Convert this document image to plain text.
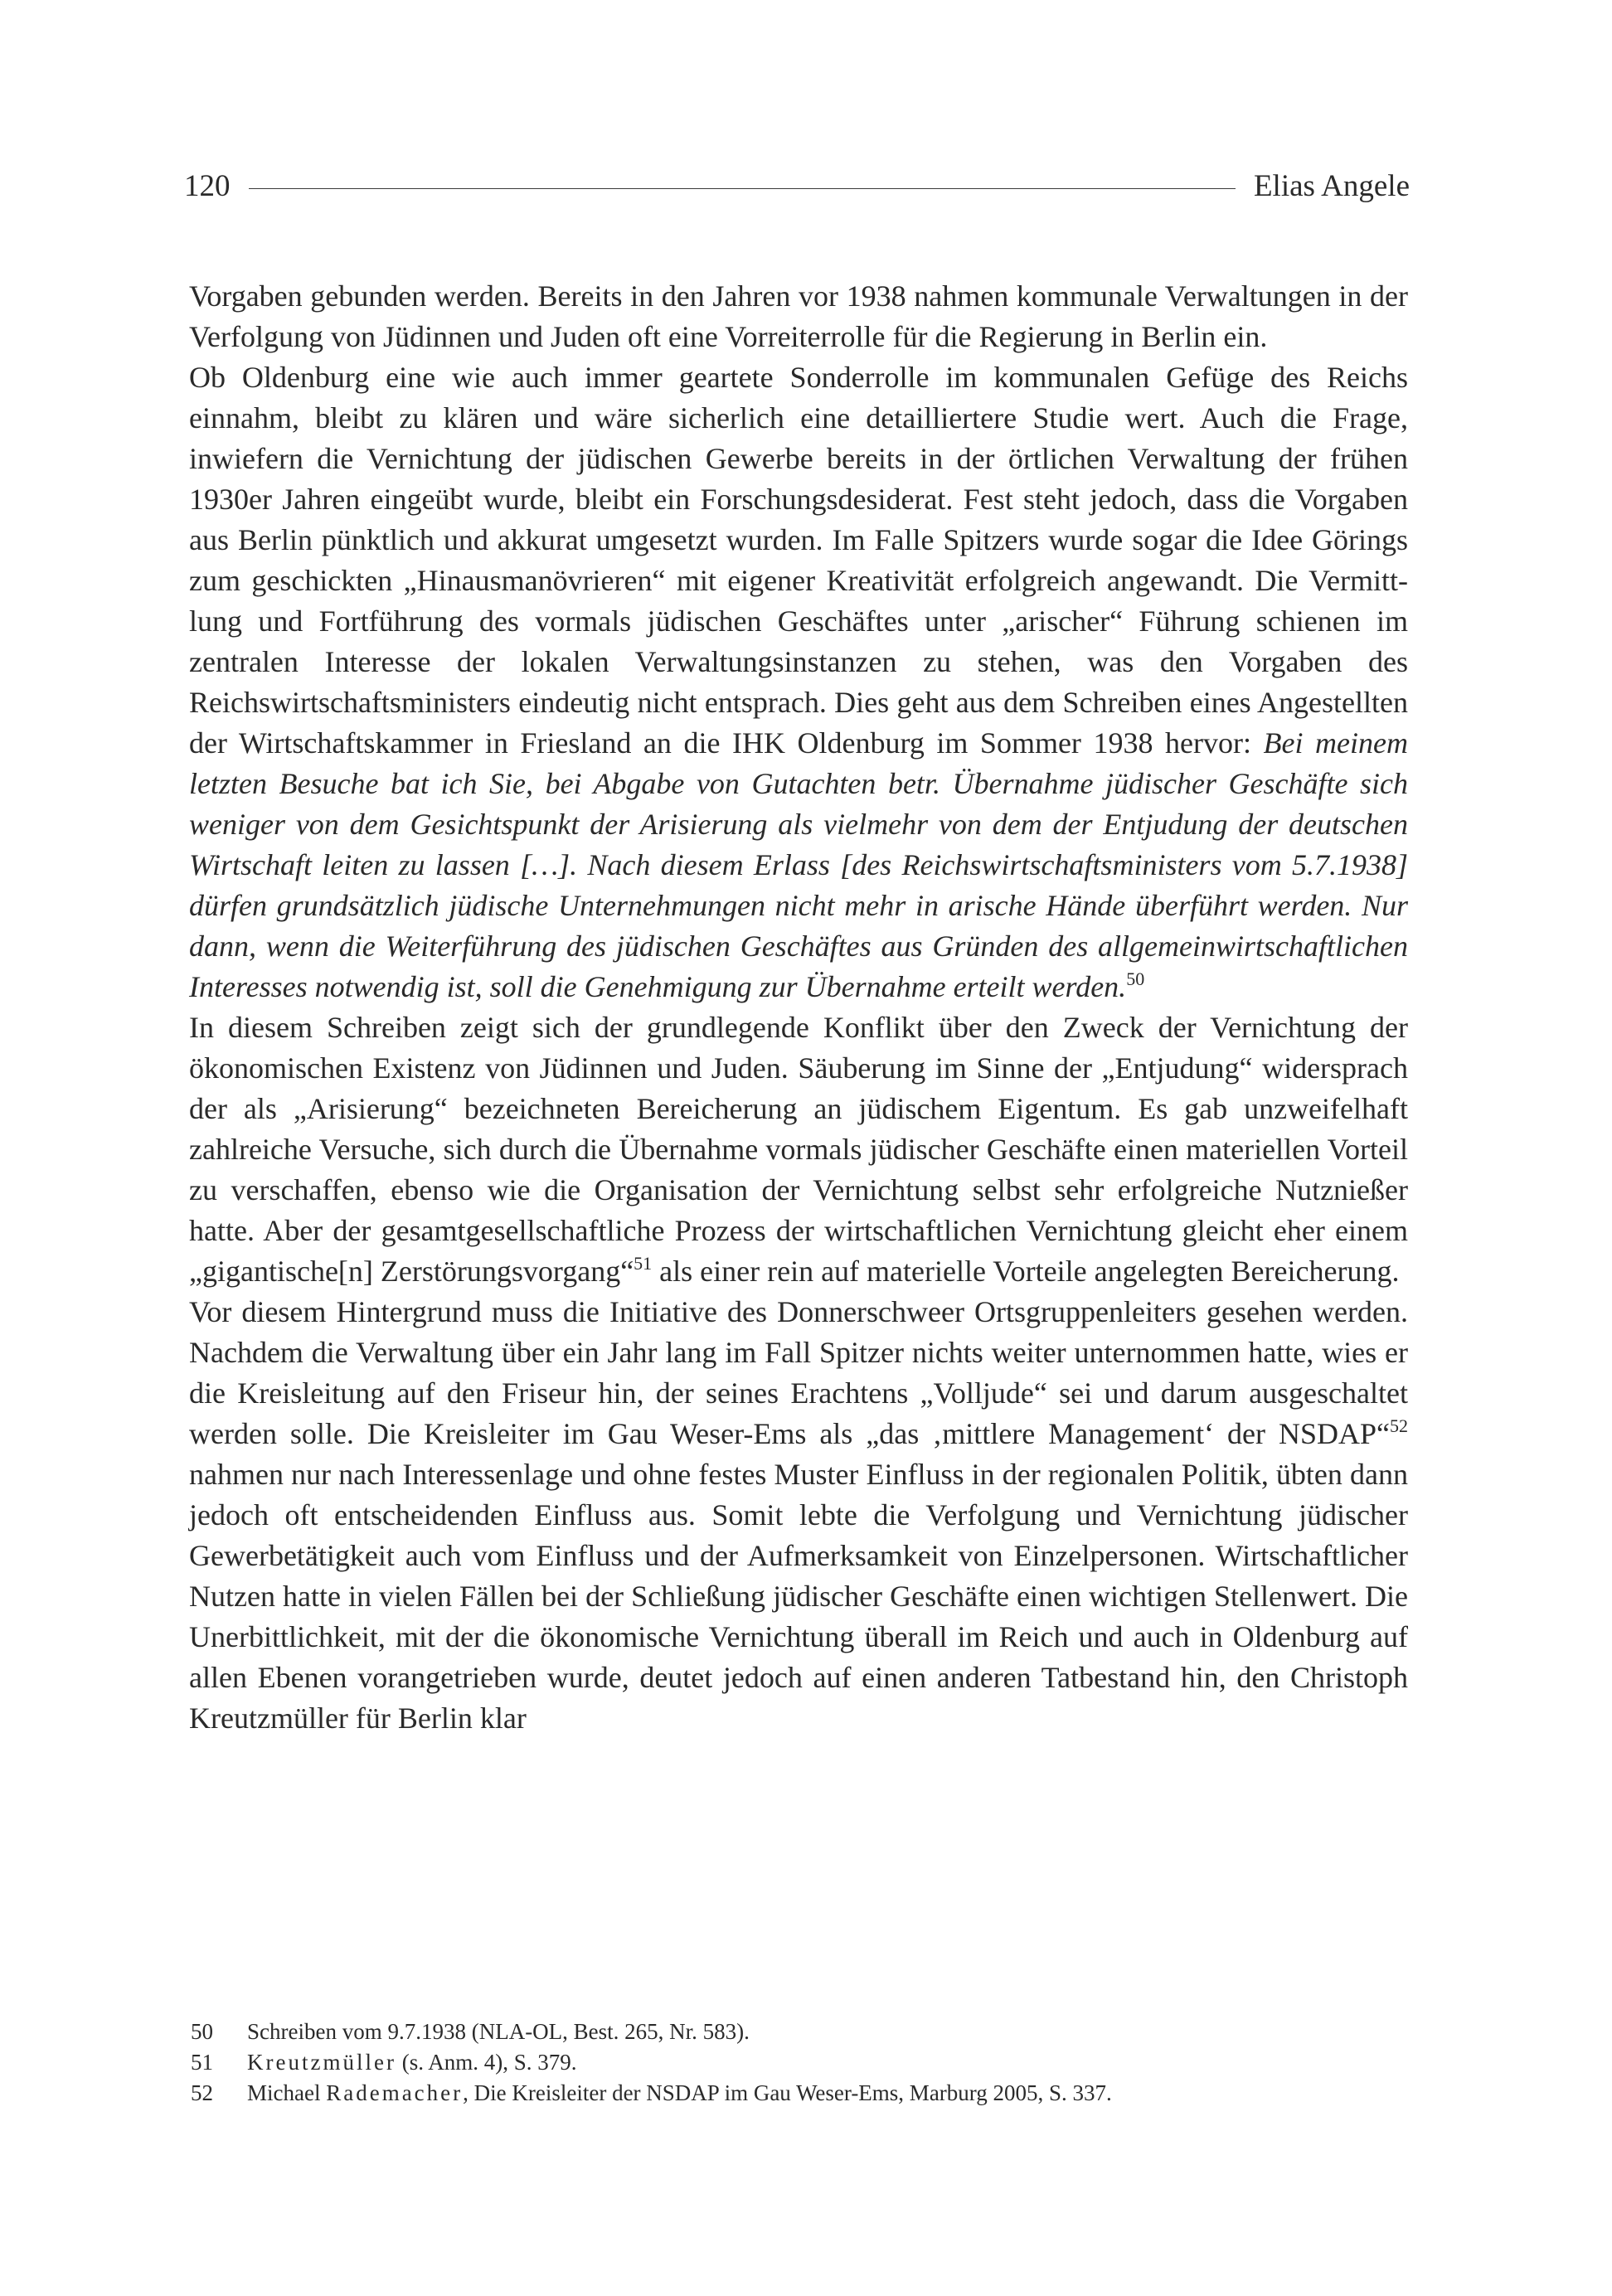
120	Elias Angele

Vorgaben gebunden werden. Bereits in den Jahren vor 1938 nahmen kommunale Verwaltungen in der Verfolgung von Jüdinnen und Juden oft eine Vorreiterrolle für die Regierung in Berlin ein.

Ob Oldenburg eine wie auch immer geartete Sonderrolle im kommunalen Gefüge des Reichs einnahm, bleibt zu klären und wäre sicherlich eine detailliertere Studie wert. Auch die Frage, inwiefern die Vernichtung der jüdischen Gewerbe bereits in der örtlichen Verwaltung der frühen 1930er Jahren eingeübt wurde, bleibt ein Forschungsdesiderat. Fest steht jedoch, dass die Vorgaben aus Berlin pünktlich und akkurat umgesetzt wurden. Im Falle Spitzers wurde sogar die Idee Görings zum geschickten „Hinausmanövrieren“ mit eigener Kreativität erfolgreich angewandt. Die Vermittlung und Fortführung des vormals jüdischen Geschäftes unter „arischer“ Führung schienen im zentralen Interesse der lokalen Verwaltungsinstanzen zu stehen, was den Vorgaben des Reichswirtschaftsministers eindeutig nicht entsprach. Dies geht aus dem Schreiben eines Angestellten der Wirtschaftskammer in Friesland an die IHK Oldenburg im Sommer 1938 hervor: Bei meinem letzten Besuche bat ich Sie, bei Abgabe von Gutachten betr. Übernahme jüdischer Geschäfte sich weniger von dem Gesichtspunkt der Arisierung als vielmehr von dem der Entjudung der deutschen Wirtschaft leiten zu lassen […]. Nach diesem Erlass [des Reichswirtschaftsministers vom 5.7.1938] dürfen grundsätzlich jüdische Unternehmungen nicht mehr in arische Hände überführt werden. Nur dann, wenn die Weiterführung des jüdischen Geschäftes aus Gründen des allgemeinwirtschaftlichen Interesses notwendig ist, soll die Genehmigung zur Übernahme erteilt werden.$^{50}$

In diesem Schreiben zeigt sich der grundlegende Konflikt über den Zweck der Vernichtung der ökonomischen Existenz von Jüdinnen und Juden. Säuberung im Sinne der „Entjudung“ widersprach der als „Arisierung“ bezeichneten Bereicherung an jüdischem Eigentum. Es gab unzweifelhaft zahlreiche Versuche, sich durch die Übernahme vormals jüdischer Geschäfte einen materiellen Vorteil zu verschaffen, ebenso wie die Organisation der Vernichtung selbst sehr erfolgreiche Nutznießer hatte. Aber der gesamtgesellschaftliche Prozess der wirtschaftlichen Vernichtung gleicht eher einem „gigantische[n] Zerstörungsvorgang“$^{51}$ als einer rein auf materielle Vorteile angelegten Bereicherung.

Vor diesem Hintergrund muss die Initiative des Donnerschweer Ortsgruppenleiters gesehen werden. Nachdem die Verwaltung über ein Jahr lang im Fall Spitzer nichts weiter unternommen hatte, wies er die Kreisleitung auf den Friseur hin, der seines Erachtens „Volljude“ sei und darum ausgeschaltet werden solle. Die Kreisleiter im Gau Weser-Ems als „das ‚mittlere Management‘ der NSDAP“$^{52}$ nahmen nur nach Interessenlage und ohne festes Muster Einfluss in der regionalen Politik, übten dann jedoch oft entscheidenden Einfluss aus. Somit lebte die Verfolgung und Vernichtung jüdischer Gewerbetätigkeit auch vom Einfluss und der Aufmerksamkeit von Einzelpersonen. Wirtschaftlicher Nutzen hatte in vielen Fällen bei der Schließung jüdischer Geschäfte einen wichtigen Stellenwert. Die Unerbittlichkeit, mit der die ökonomische Vernichtung überall im Reich und auch in Oldenburg auf allen Ebenen vorangetrieben wurde, deutet jedoch auf einen anderen Tatbestand hin, den Christoph Kreutzmüller für Berlin klar

50	Schreiben vom 9.7.1938 (NLA-OL, Best. 265, Nr. 583).
51	Kreutzmüller (s. Anm. 4), S. 379.
52	Michael Rademacher, Die Kreisleiter der NSDAP im Gau Weser-Ems, Marburg 2005, S. 337.
